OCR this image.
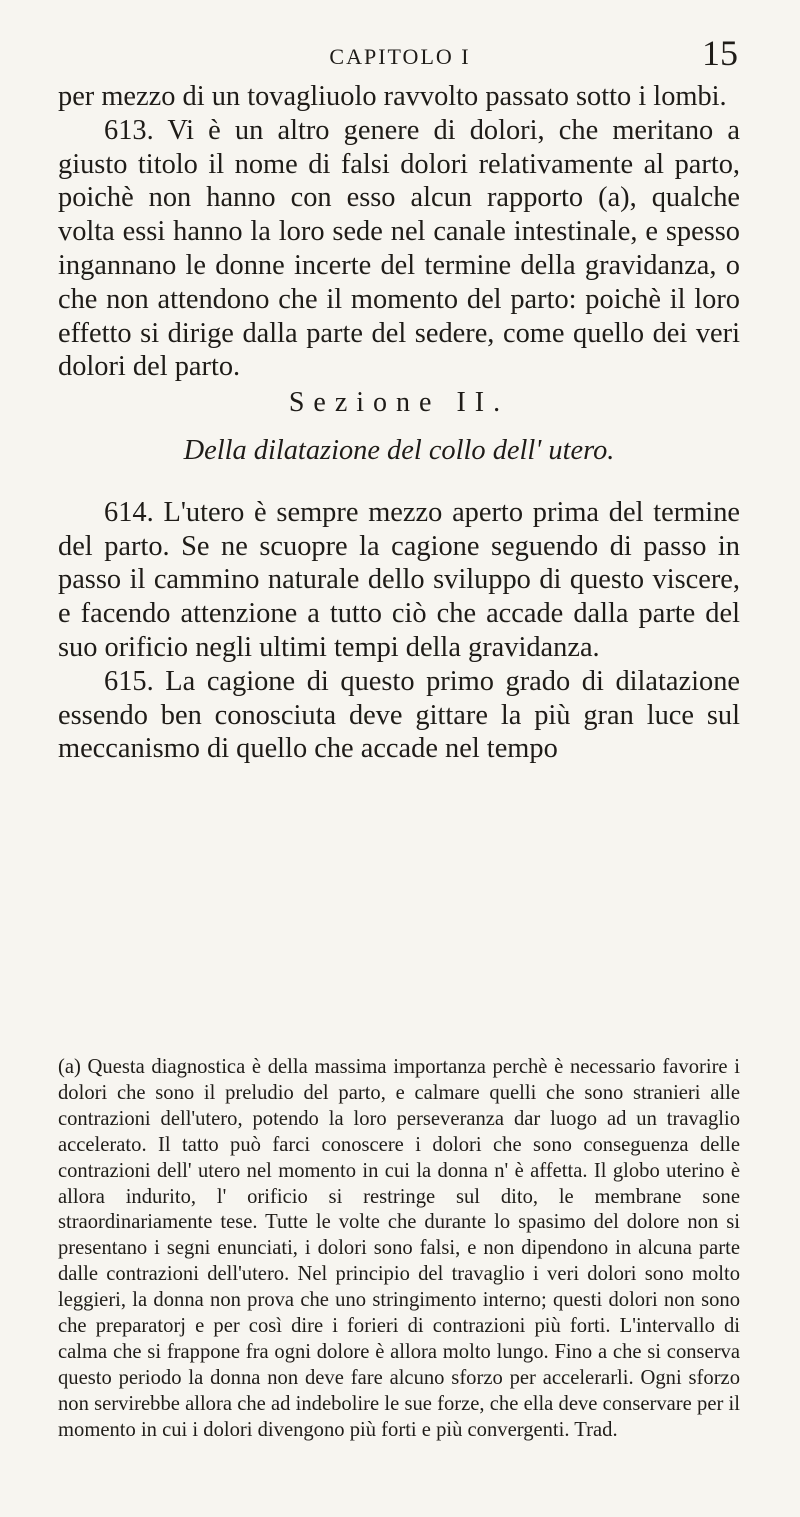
CAPITOLO I	15

per mezzo di un tovagliuolo ravvolto passato sotto i lombi.

613. Vi è un altro genere di dolori, che meritano a giusto titolo il nome di falsi dolori relativamente al parto, poichè non hanno con esso alcun rapporto (a), qualche volta essi hanno la loro sede nel canale intestinale, e spesso ingannano le donne incerte del termine della gravidanza, o che non attendono che il momento del parto: poichè il loro effetto si dirige dalla parte del sedere, come quello dei veri dolori del parto.

Sezione II.
Della dilatazione del collo dell' utero.

614. L'utero è sempre mezzo aperto prima del termine del parto. Se ne scuopre la cagione seguendo di passo in passo il cammino naturale dello sviluppo di questo viscere, e facendo attenzione a tutto ciò che accade dalla parte del suo orificio negli ultimi tempi della gravidanza.

615. La cagione di questo primo grado di dilatazione essendo ben conosciuta deve gittare la più gran luce sul meccanismo di quello che accade nel tempo

(a) Questa diagnostica è della massima importanza perchè è necessario favorire i dolori che sono il preludio del parto, e calmare quelli che sono stranieri alle contrazioni dell'utero, potendo la loro perseveranza dar luogo ad un travaglio accelerato. Il tatto può farci conoscere i dolori che sono conseguenza delle contrazioni dell' utero nel momento in cui la donna n' è affetta. Il globo uterino è allora indurito, l' orificio si restringe sul dito, le membrane sone straordinariamente tese. Tutte le volte che durante lo spasimo del dolore non si presentano i segni enunciati, i dolori sono falsi, e non dipendono in alcuna parte dalle contrazioni dell'utero. Nel principio del travaglio i veri dolori sono molto leggieri, la donna non prova che uno stringimento interno; questi dolori non sono che preparatorj e per così dire i forieri di contrazioni più forti. L'intervallo di calma che si frappone fra ogni dolore è allora molto lungo. Fino a che si conserva questo periodo la donna non deve fare alcuno sforzo per accelerarli. Ogni sforzo non servirebbe allora che ad indebolire le sue forze, che ella deve conservare per il momento in cui i dolori divengono più forti e più convergenti. Trad.
